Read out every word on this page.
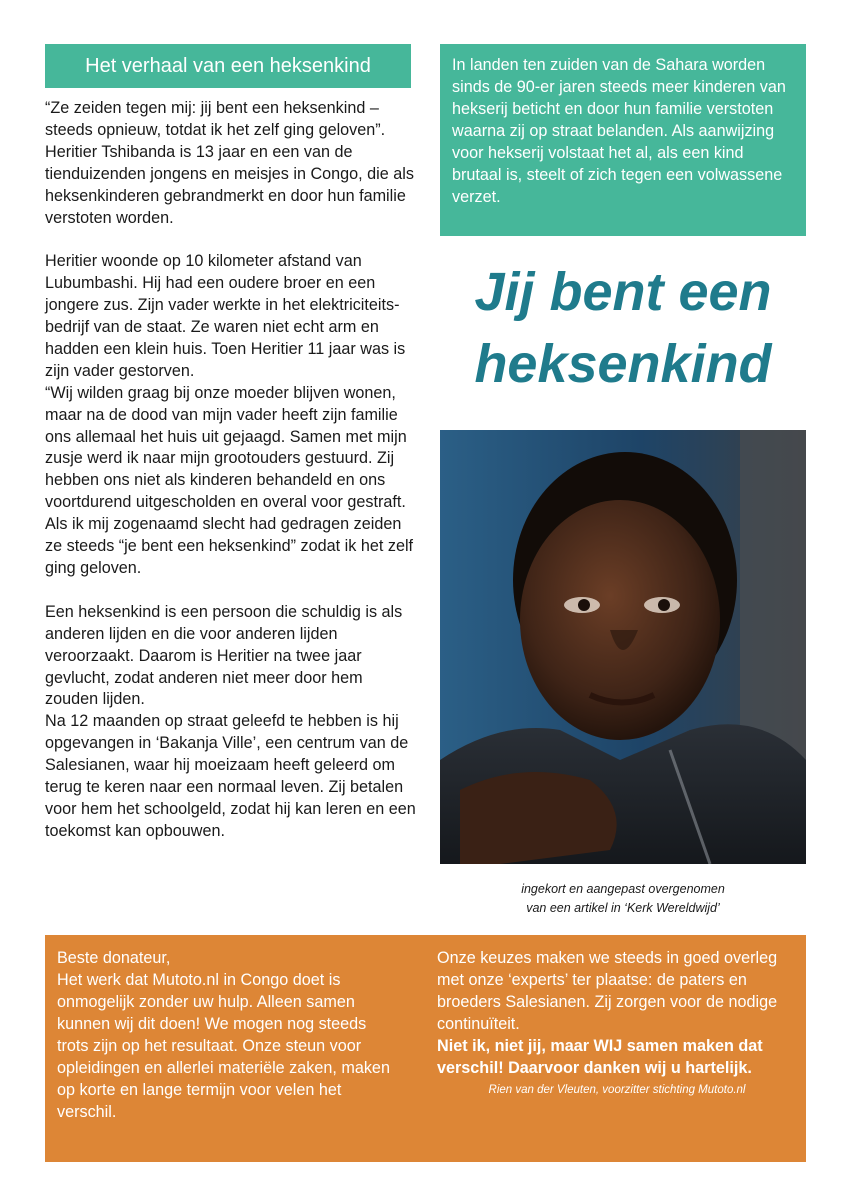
Het verhaal van een heksenkind

“Ze zeiden tegen mij: jij bent een heksenkind – steeds opnieuw, totdat ik het zelf ging geloven”. Heritier Tshibanda is 13 jaar en een van de tienduizenden jongens en meisjes in Congo, die als heksenkinderen gebrandmerkt en door hun familie verstoten worden.

Heritier woonde op 10 kilometer afstand van Lubumbashi. Hij had een oudere broer en een jongere zus. Zijn vader werkte in het elektriciteits-bedrijf van de staat. Ze waren niet echt arm en hadden een klein huis. Toen Heritier 11 jaar was is zijn vader gestorven.

“Wij wilden graag bij onze moeder blijven wonen, maar na de dood van mijn vader heeft zijn familie ons allemaal het huis uit gejaagd. Samen met mijn zusje werd ik naar mijn grootouders gestuurd. Zij hebben ons niet als kinderen behandeld en ons voortdurend uitgescholden en overal voor gestraft. Als ik mij zogenaamd slecht had gedragen zeiden ze steeds “je bent een heksenkind” zodat ik het zelf ging geloven.

Een heksenkind is een persoon die schuldig is als anderen lijden en die voor anderen lijden veroorzaakt. Daarom is Heritier na twee jaar gevlucht, zodat anderen niet meer door hem zouden lijden.

Na 12 maanden op straat geleefd te hebben is hij opgevangen in ‘Bakanja Ville’, een centrum van de Salesianen, waar hij moeizaam heeft geleerd om terug te keren naar een normaal leven. Zij betalen voor hem het schoolgeld, zodat hij kan leren en een toekomst kan opbouwen.

In landen ten zuiden van de Sahara worden sinds de 90-er jaren steeds meer kinderen van hekserij beticht en door hun familie verstoten waarna zij op straat belanden. Als aanwijzing voor hekserij volstaat het al, als een kind brutaal is, steelt of zich tegen een volwassene verzet.
Jij bent een
heksenkind
ingekort en aangepast overgenomen
van een artikel in ‘Kerk Wereldwijd’
Beste donateur,
Het werk dat Mutoto.nl in Congo doet is onmogelijk zonder uw hulp. Alleen samen kunnen wij dit doen! We mogen nog steeds trots zijn op het resultaat. Onze steun voor opleidingen en allerlei materiële zaken, maken op korte en lange termijn voor velen het verschil.
Onze keuzes maken we steeds in goed overleg met onze ‘experts’ ter plaatse: de paters en broeders Salesianen. Zij zorgen voor de nodige continuïteit.
Niet ik, niet jij, maar WIJ samen maken dat verschil! Daarvoor danken wij u hartelijk.
Rien van der Vleuten, voorzitter stichting Mutoto.nl
